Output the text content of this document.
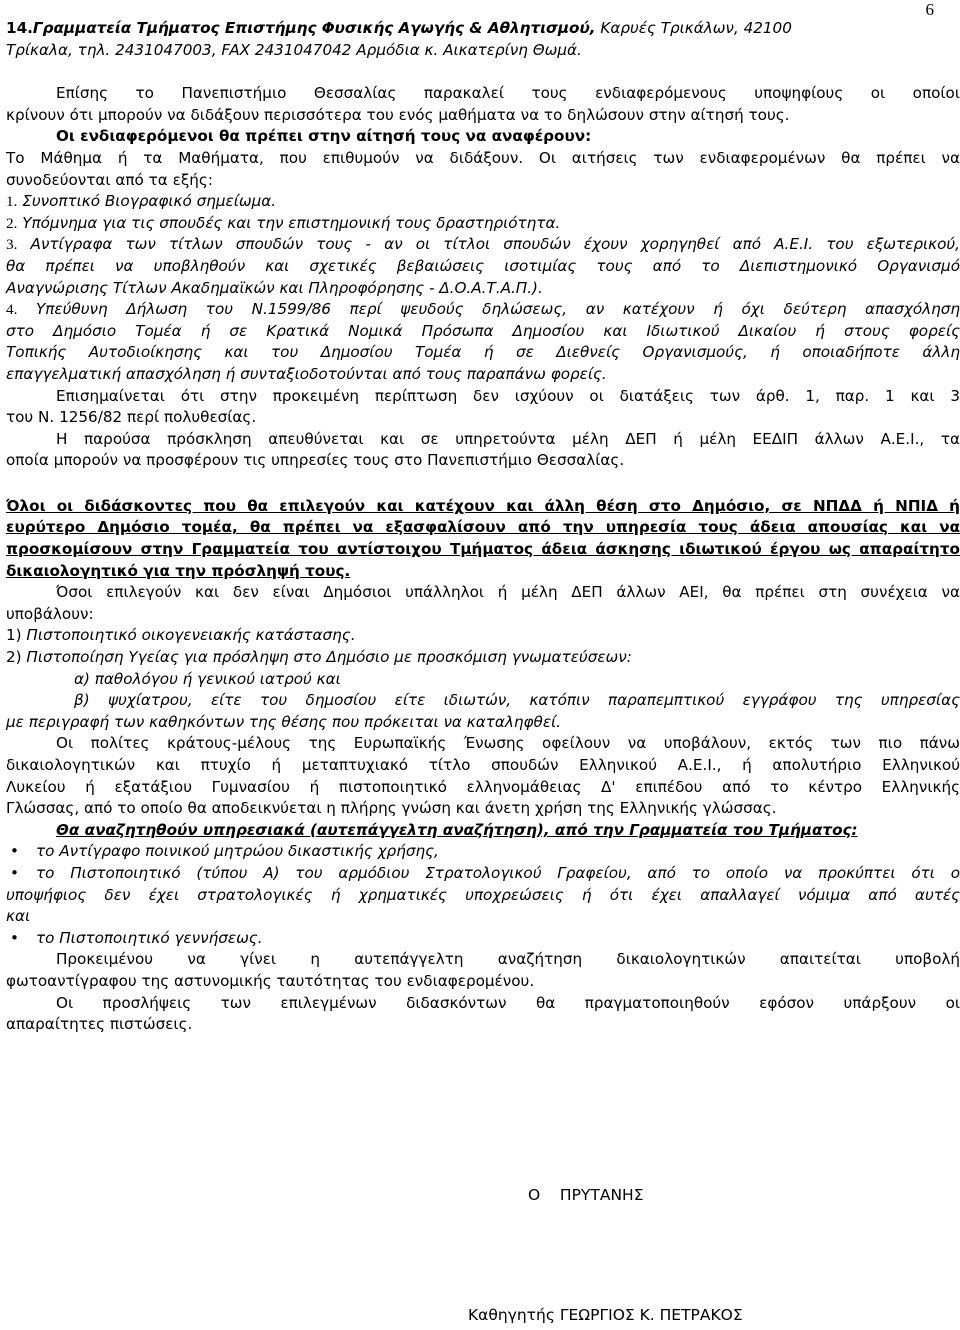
6
14.Γραμματεία Τμήματος Επιστήμης Φυσικής Αγωγής & Αθλητισμού, Καρυές Τρικάλων, 42100
Τρίκαλα, τηλ. 2431047003, FAX 2431047042 Αρμόδια κ. Αικατερίνη Θωμά.
Επίσης το Πανεπιστήμιο Θεσσαλίας παρακαλεί τους ενδιαφερόμενους υποψηφίους οι οποίοι
κρίνουν ότι μπορούν να διδάξουν περισσότερα του ενός μαθήματα να το δηλώσουν στην αίτησή τους.
Οι ενδιαφερόμενοι θα πρέπει στην αίτησή τους να αναφέρουν:
Το Μάθημα ή τα Μαθήματα, που επιθυμούν να διδάξουν. Οι αιτήσεις των ενδιαφερομένων θα πρέπει να
συνοδεύονται από τα εξής:
1. Συνοπτικό Βιογραφικό σημείωμα.
2. Υπόμνημα για τις σπουδές και την επιστημονική τους δραστηριότητα.
3. Αντίγραφα των τίτλων σπουδών τους - αν οι τίτλοι σπουδών έχουν χορηγηθεί από Α.Ε.Ι. του εξωτερικού,
θα πρέπει να υποβληθούν και σχετικές βεβαιώσεις ισοτιμίας τους από το Διεπιστημονικό Οργανισμό
Αναγνώρισης Τίτλων Ακαδημαϊκών και Πληροφόρησης - Δ.Ο.Α.Τ.Α.Π.).
4. Υπεύθυνη Δήλωση του Ν.1599/86 περί ψευδούς δηλώσεως, αν κατέχουν ή όχι δεύτερη απασχόληση
στο Δημόσιο Τομέα ή σε Κρατικά Νομικά Πρόσωπα Δημοσίου και Ιδιωτικού Δικαίου ή στους φορείς
Τοπικής Αυτοδιοίκησης και του Δημοσίου Τομέα ή σε Διεθνείς Οργανισμούς, ή οποιαδήποτε άλλη
επαγγελματική απασχόληση ή συνταξιοδοτούνται από τους παραπάνω φορείς.
Επισημαίνεται ότι στην προκειμένη περίπτωση δεν ισχύουν οι διατάξεις των άρθ. 1, παρ. 1 και 3
του Ν. 1256/82 περί πολυθεσίας.
Η παρούσα πρόσκληση απευθύνεται και σε υπηρετούντα μέλη ΔΕΠ ή μέλη ΕΕΔΙΠ άλλων Α.Ε.Ι., τα
οποία μπορούν να προσφέρουν τις υπηρεσίες τους στο Πανεπιστήμιο Θεσσαλίας.
Όλοι οι διδάσκοντες που θα επιλεγούν και κατέχουν και άλλη θέση στο Δημόσιο, σε ΝΠΔΔ ή ΝΠΙΔ ή
ευρύτερο Δημόσιο τομέα, θα πρέπει να εξασφαλίσουν από την υπηρεσία τους άδεια απουσίας και να
προσκομίσουν στην Γραμματεία του αντίστοιχου Τμήματος άδεια άσκησης ιδιωτικού έργου ως απαραίτητο
δικαιολογητικό για την πρόσληψή τους.
Όσοι επιλεγούν και δεν είναι Δημόσιοι υπάλληλοι ή μέλη ΔΕΠ άλλων ΑΕΙ, θα πρέπει στη συνέχεια να
υποβάλουν:
1) Πιστοποιητικό οικογενειακής κατάστασης.
2) Πιστοποίηση Υγείας για πρόσληψη στο Δημόσιο με προσκόμιση γνωματεύσεων:
α) παθολόγου ή γενικού ιατρού και
β) ψυχίατρου, είτε του δημοσίου είτε ιδιωτών, κατόπιν παραπεμπτικού εγγράφου της υπηρεσίας
με περιγραφή των καθηκόντων της θέσης που πρόκειται να καταληφθεί.
Οι πολίτες κράτους-μέλους της Ευρωπαϊκής Ένωσης οφείλουν να υποβάλουν, εκτός των πιο πάνω
δικαιολογητικών και πτυχίο ή μεταπτυχιακό τίτλο σπουδών Ελληνικού Α.Ε.Ι., ή απολυτήριο Ελληνικού
Λυκείου ή εξατάξιου Γυμνασίου ή πιστοποιητικό ελληνομάθειας Δ' επιπέδου από το κέντρο Ελληνικής
Γλώσσας, από το οποίο θα αποδεικνύεται η πλήρης γνώση και άνετη χρήση της Ελληνικής γλώσσας.
Θα αναζητηθούν υπηρεσιακά (αυτεπάγγελτη αναζήτηση), από την Γραμματεία του Τμήματος:
• το Αντίγραφο ποινικού μητρώου δικαστικής χρήσης,
• το Πιστοποιητικό (τύπου Α) του αρμόδιου Στρατολογικού Γραφείου, από το οποίο να προκύπτει ότι ο
υποψήφιος δεν έχει στρατολογικές ή χρηματικές υποχρεώσεις ή ότι έχει απαλλαγεί νόμιμα από αυτές
και
• το Πιστοποιητικό γεννήσεως.
Προκειμένου να γίνει η αυτεπάγγελτη αναζήτηση δικαιολογητικών απαιτείται υποβολή
φωτοαντίγραφου της αστυνομικής ταυτότητας του ενδιαφερομένου.
Οι προσλήψεις των επιλεγμένων διδασκόντων θα πραγματοποιηθούν εφόσον υπάρξουν οι
απαραίτητες πιστώσεις.
Ο    ΠΡΥΤΑΝΗΣ
Καθηγητής ΓΕΩΡΓΙΟΣ Κ. ΠΕΤΡΑΚΟΣ
